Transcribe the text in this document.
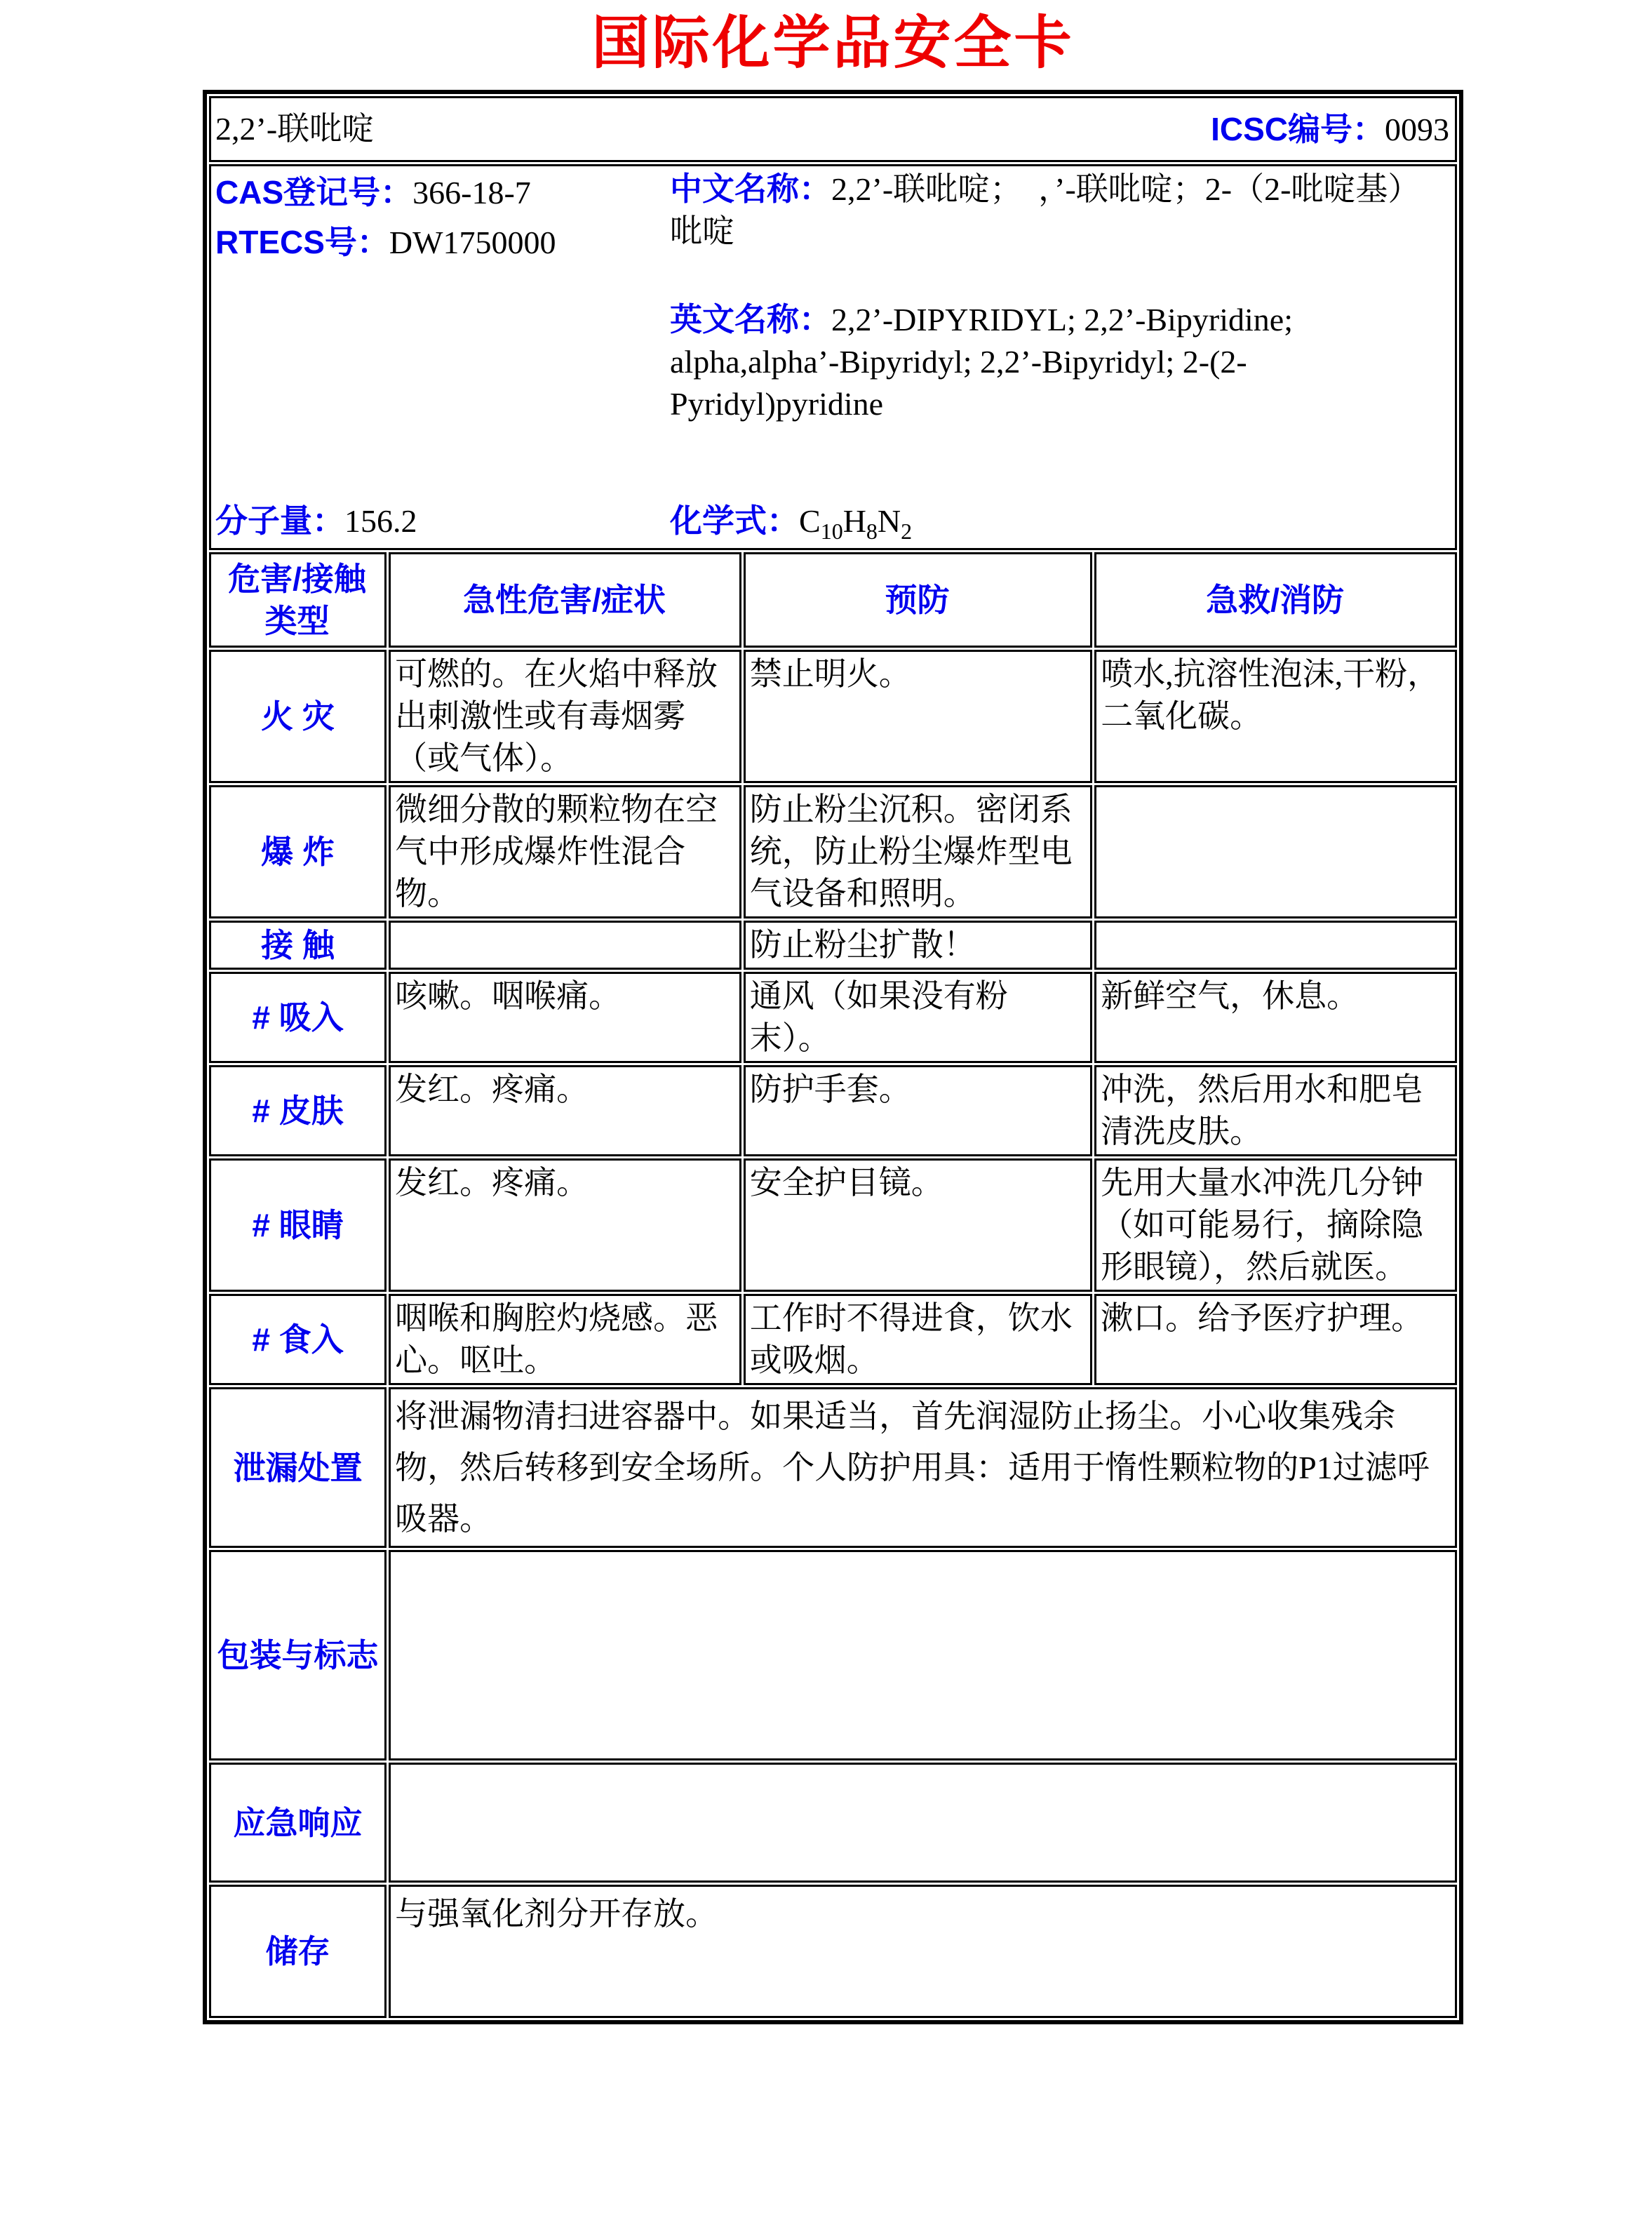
国际化学品安全卡
2,2’-联吡啶 ICSC编号：0093			

CAS登记号：366-18-7
RTECS号：DW1750000
中文名称：2,2’-联吡啶；　，’-联吡啶；2-（2-吡啶基）吡啶
英文名称：2,2’-DIPYRIDYL; 2,2’-Bipyridine; alpha,alpha’-Bipyridyl; 2,2’-Bipyridyl; 2-(2-Pyridyl)pyridine
分子量：156.2	化学式：$C_{10}H_8N_2$

危害/接触类型	急性危害/症状	预防	急救/消防
火 灾	可燃的。在火焰中释放出刺激性或有毒烟雾（或气体）。	禁止明火。	喷水,抗溶性泡沫,干粉，二氧化碳。
爆 炸	微细分散的颗粒物在空气中形成爆炸性混合物。	防止粉尘沉积。密闭系统，防止粉尘爆炸型电气设备和照明。	
接 触		防止粉尘扩散！	
# 吸入	咳嗽。咽喉痛。	通风（如果没有粉末）。	新鲜空气，休息。
# 皮肤	发红。疼痛。	防护手套。	冲洗，然后用水和肥皂清洗皮肤。
# 眼睛	发红。疼痛。	安全护目镜。	先用大量水冲洗几分钟（如可能易行，摘除隐形眼镜），然后就医。
# 食入	咽喉和胸腔灼烧感。恶心。呕吐。	工作时不得进食，饮水或吸烟。	漱口。给予医疗护理。
泄漏处置	将泄漏物清扫进容器中。如果适当，首先润湿防止扬尘。小心收集残余物，然后转移到安全场所。个人防护用具：适用于惰性颗粒物的P1过滤呼吸器。		
包装与标志			
应急响应			
储存	与强氧化剂分开存放。		
